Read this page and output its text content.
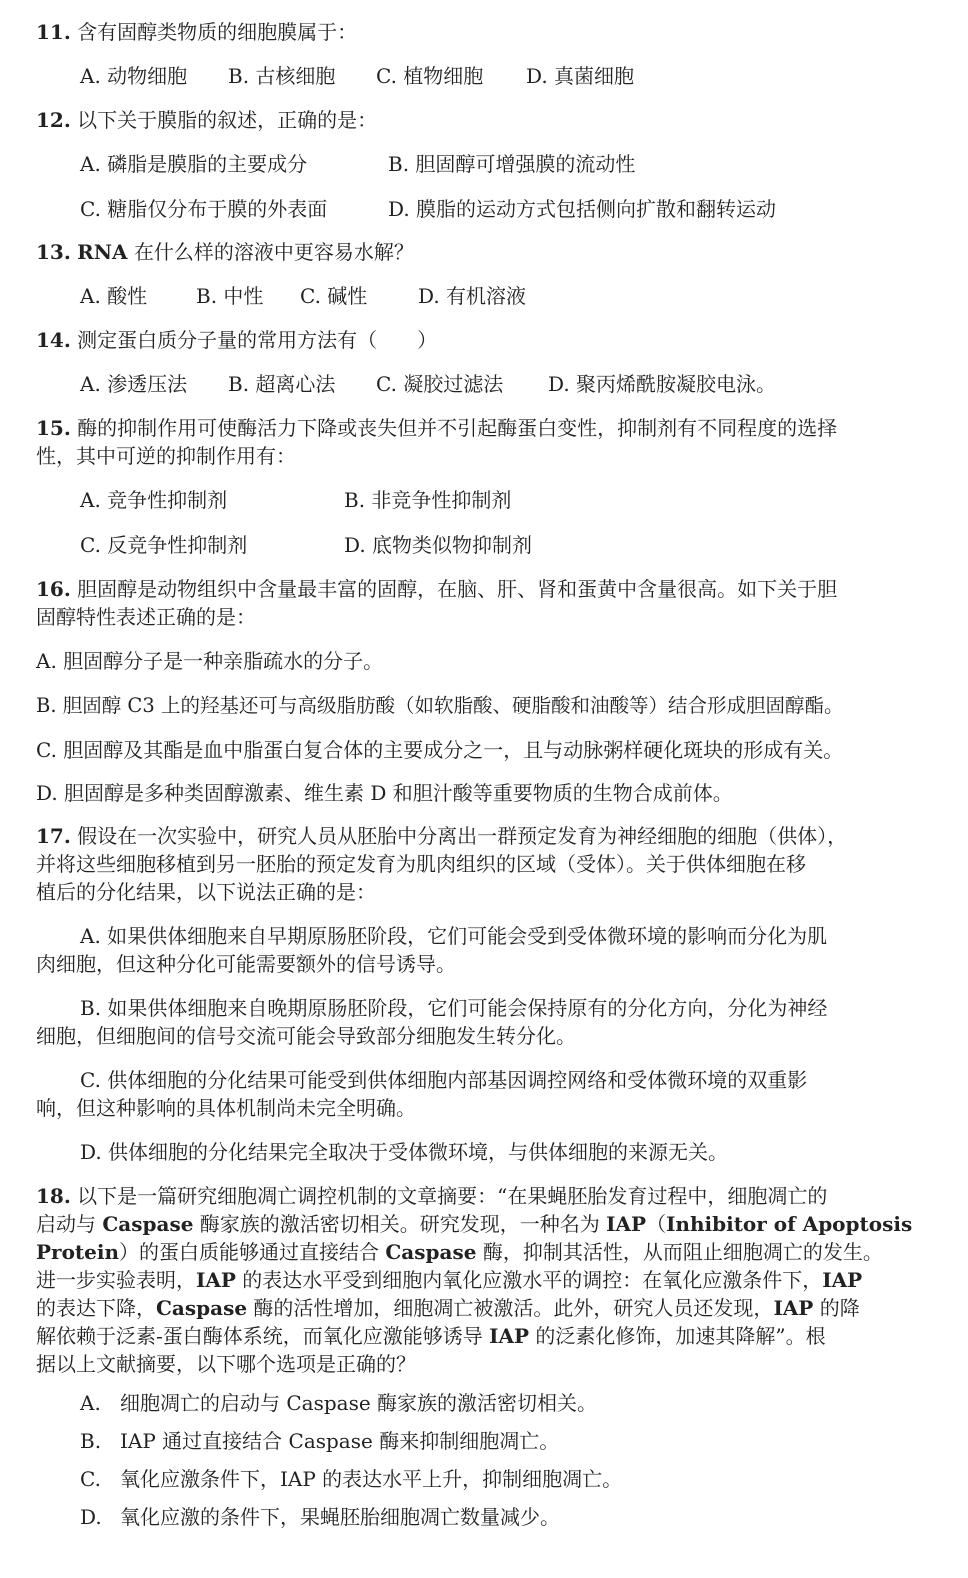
11. 含有固醇类物质的细胞膜属于：
A. 动物细胞 B. 古核细胞 C. 植物细胞 D. 真菌细胞
12. 以下关于膜脂的叙述，正确的是：
A. 磷脂是膜脂的主要成分	B. 胆固醇可增强膜的流动性
C. 糖脂仅分布于膜的外表面	D. 膜脂的运动方式包括侧向扩散和翻转运动
13. RNA 在什么样的溶液中更容易水解？
A. 酸性 B. 中性 C. 碱性	D. 有机溶液
14. 测定蛋白质分子量的常用方法有（　　）
A. 渗透压法 B. 超离心法 C. 凝胶过滤法 D. 聚丙烯酰胺凝胶电泳。
15. 酶的抑制作用可使酶活力下降或丧失但并不引起酶蛋白变性，抑制剂有不同程度的选择
性，其中可逆的抑制作用有：
A. 竞争性抑制剂	B. 非竞争性抑制剂
C. 反竞争性抑制剂	D. 底物类似物抑制剂
16. 胆固醇是动物组织中含量最丰富的固醇，在脑、肝、肾和蛋黄中含量很高。如下关于胆
固醇特性表述正确的是：
A. 胆固醇分子是一种亲脂疏水的分子。
B. 胆固醇 C3 上的羟基还可与高级脂肪酸（如软脂酸、硬脂酸和油酸等）结合形成胆固醇酯。
C. 胆固醇及其酯是血中脂蛋白复合体的主要成分之一，且与动脉粥样硬化斑块的形成有关。
D. 胆固醇是多种类固醇激素、维生素 D 和胆汁酸等重要物质的生物合成前体。
17. 假设在一次实验中，研究人员从胚胎中分离出一群预定发育为神经细胞的细胞（供体），
并将这些细胞移植到另一胚胎的预定发育为肌肉组织的区域（受体）。关于供体细胞在移
植后的分化结果，以下说法正确的是：
A. 如果供体细胞来自早期原肠胚阶段，它们可能会受到受体微环境的影响而分化为肌
肉细胞，但这种分化可能需要额外的信号诱导。
B. 如果供体细胞来自晚期原肠胚阶段，它们可能会保持原有的分化方向，分化为神经
细胞，但细胞间的信号交流可能会导致部分细胞发生转分化。
C. 供体细胞的分化结果可能受到供体细胞内部基因调控网络和受体微环境的双重影
响，但这种影响的具体机制尚未完全明确。
D. 供体细胞的分化结果完全取决于受体微环境，与供体细胞的来源无关。
18. 以下是一篇研究细胞凋亡调控机制的文章摘要：“在果蝇胚胎发育过程中，细胞凋亡的
启动与 Caspase 酶家族的激活密切相关。研究发现，一种名为 IAP（Inhibitor of Apoptosis
Protein）的蛋白质能够通过直接结合 Caspase 酶，抑制其活性，从而阻止细胞凋亡的发生。
进一步实验表明，IAP 的表达水平受到细胞内氧化应激水平的调控：在氧化应激条件下，IAP
的表达下降，Caspase 酶的活性增加，细胞凋亡被激活。此外，研究人员还发现，IAP 的降
解依赖于泛素-蛋白酶体系统，而氧化应激能够诱导 IAP 的泛素化修饰，加速其降解”。根
据以上文献摘要，以下哪个选项是正确的？
A. 细胞凋亡的启动与 Caspase 酶家族的激活密切相关。
B. IAP 通过直接结合 Caspase 酶来抑制细胞凋亡。
C. 氧化应激条件下，IAP 的表达水平上升，抑制细胞凋亡。
D. 氧化应激的条件下，果蝇胚胎细胞凋亡数量减少。
